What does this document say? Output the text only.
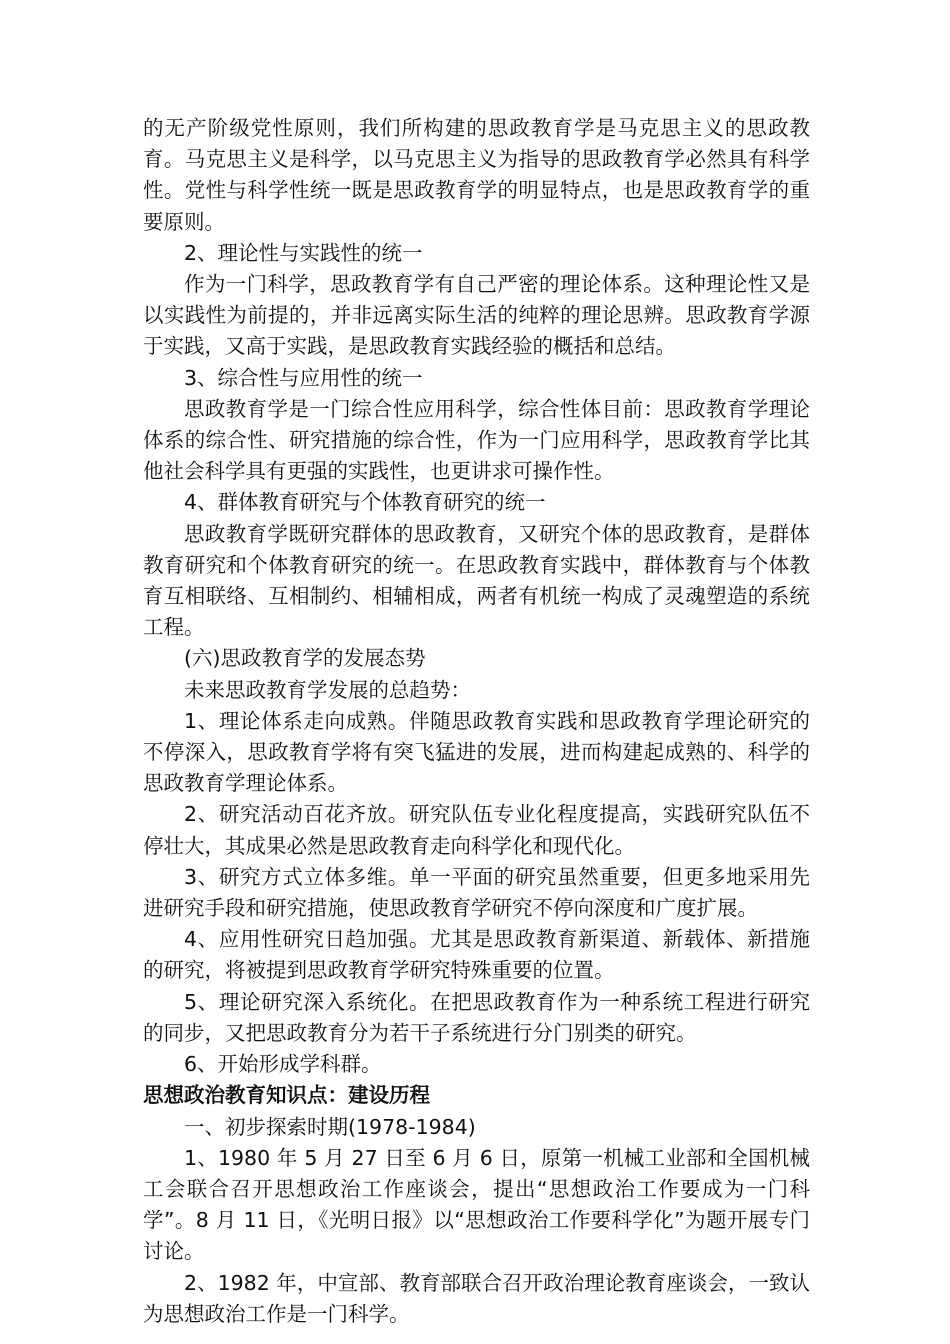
的无产阶级党性原则，我们所构建的思政教育学是马克思主义的思政教育。马克思主义是科学，以马克思主义为指导的思政教育学必然具有科学性。党性与科学性统一既是思政教育学的明显特点，也是思政教育学的重要原则。

2、理论性与实践性的统一

作为一门科学，思政教育学有自己严密的理论体系。这种理论性又是以实践性为前提的，并非远离实际生活的纯粹的理论思辨。思政教育学源于实践，又高于实践，是思政教育实践经验的概括和总结。

3、综合性与应用性的统一

思政教育学是一门综合性应用科学，综合性体目前：思政教育学理论体系的综合性、研究措施的综合性，作为一门应用科学，思政教育学比其他社会科学具有更强的实践性，也更讲求可操作性。

4、群体教育研究与个体教育研究的统一

思政教育学既研究群体的思政教育，又研究个体的思政教育，是群体教育研究和个体教育研究的统一。在思政教育实践中，群体教育与个体教育互相联络、互相制约、相辅相成，两者有机统一构成了灵魂塑造的系统工程。

(六)思政教育学的发展态势

未来思政教育学发展的总趋势：

1、理论体系走向成熟。伴随思政教育实践和思政教育学理论研究的不停深入，思政教育学将有突飞猛进的发展，进而构建起成熟的、科学的思政教育学理论体系。

2、研究活动百花齐放。研究队伍专业化程度提高，实践研究队伍不停壮大，其成果必然是思政教育走向科学化和现代化。

3、研究方式立体多维。单一平面的研究虽然重要，但更多地采用先进研究手段和研究措施，使思政教育学研究不停向深度和广度扩展。

4、应用性研究日趋加强。尤其是思政教育新渠道、新载体、新措施的研究，将被提到思政教育学研究特殊重要的位置。

5、理论研究深入系统化。在把思政教育作为一种系统工程进行研究的同步，又把思政教育分为若干子系统进行分门别类的研究。

6、开始形成学科群。

思想政治教育知识点：建设历程

一、初步探索时期(1978-1984)

1、1980 年 5 月 27 日至 6 月 6 日，原第一机械工业部和全国机械工会联合召开思想政治工作座谈会，提出“思想政治工作要成为一门科学”。8 月 11 日，《光明日报》以“思想政治工作要科学化”为题开展专门讨论。

2、1982 年，中宣部、教育部联合召开政治理论教育座谈会，一致认为思想政治工作是一门科学。
